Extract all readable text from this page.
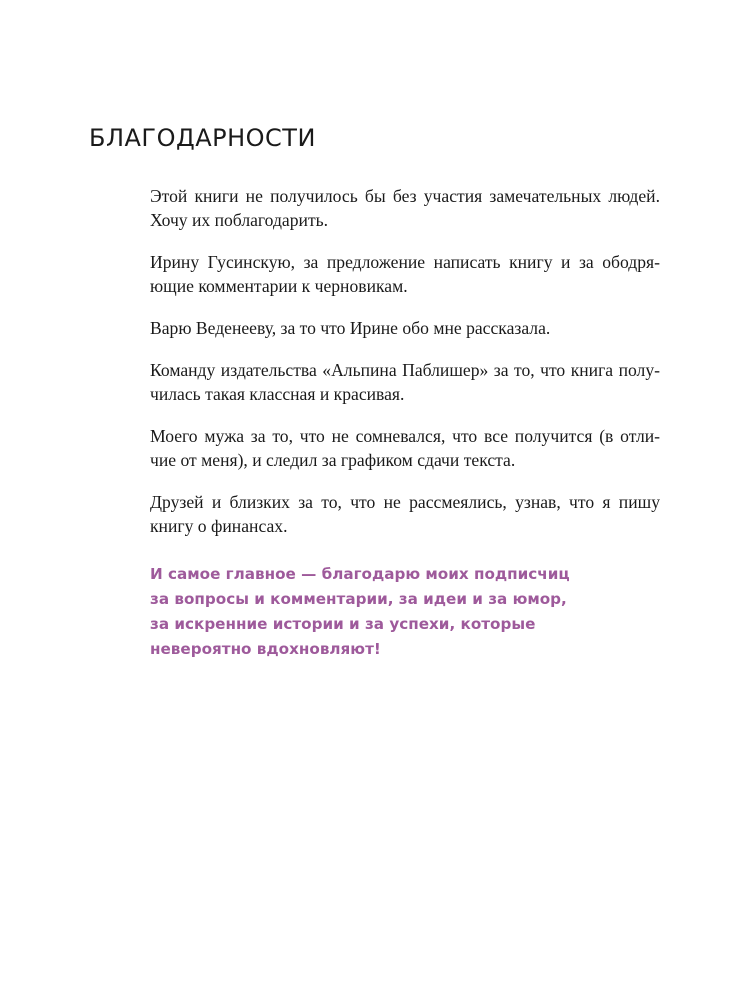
БЛАГОДАРНОСТИ

Этой книги не получилось бы без участия замечательных людей.
Хочу их поблагодарить.

Ирину Гусинскую, за предложение написать книгу и за ободря-
ющие комментарии к черновикам.

Варю Веденееву, за то что Ирине обо мне рассказала.

Команду издательства «Альпина Паблишер» за то, что книга полу-
чилась такая классная и красивая.

Моего мужа за то, что не сомневался, что все получится (в отли-
чие от меня), и следил за графиком сдачи текста.

Друзей и близких за то, что не рассмеялись, узнав, что я пишу
книгу о финансах.

И самое главное — благодарю моих подписчиц
за вопросы и комментарии, за идеи и за юмор,
за искренние истории и за успехи, которые
невероятно вдохновляют!
